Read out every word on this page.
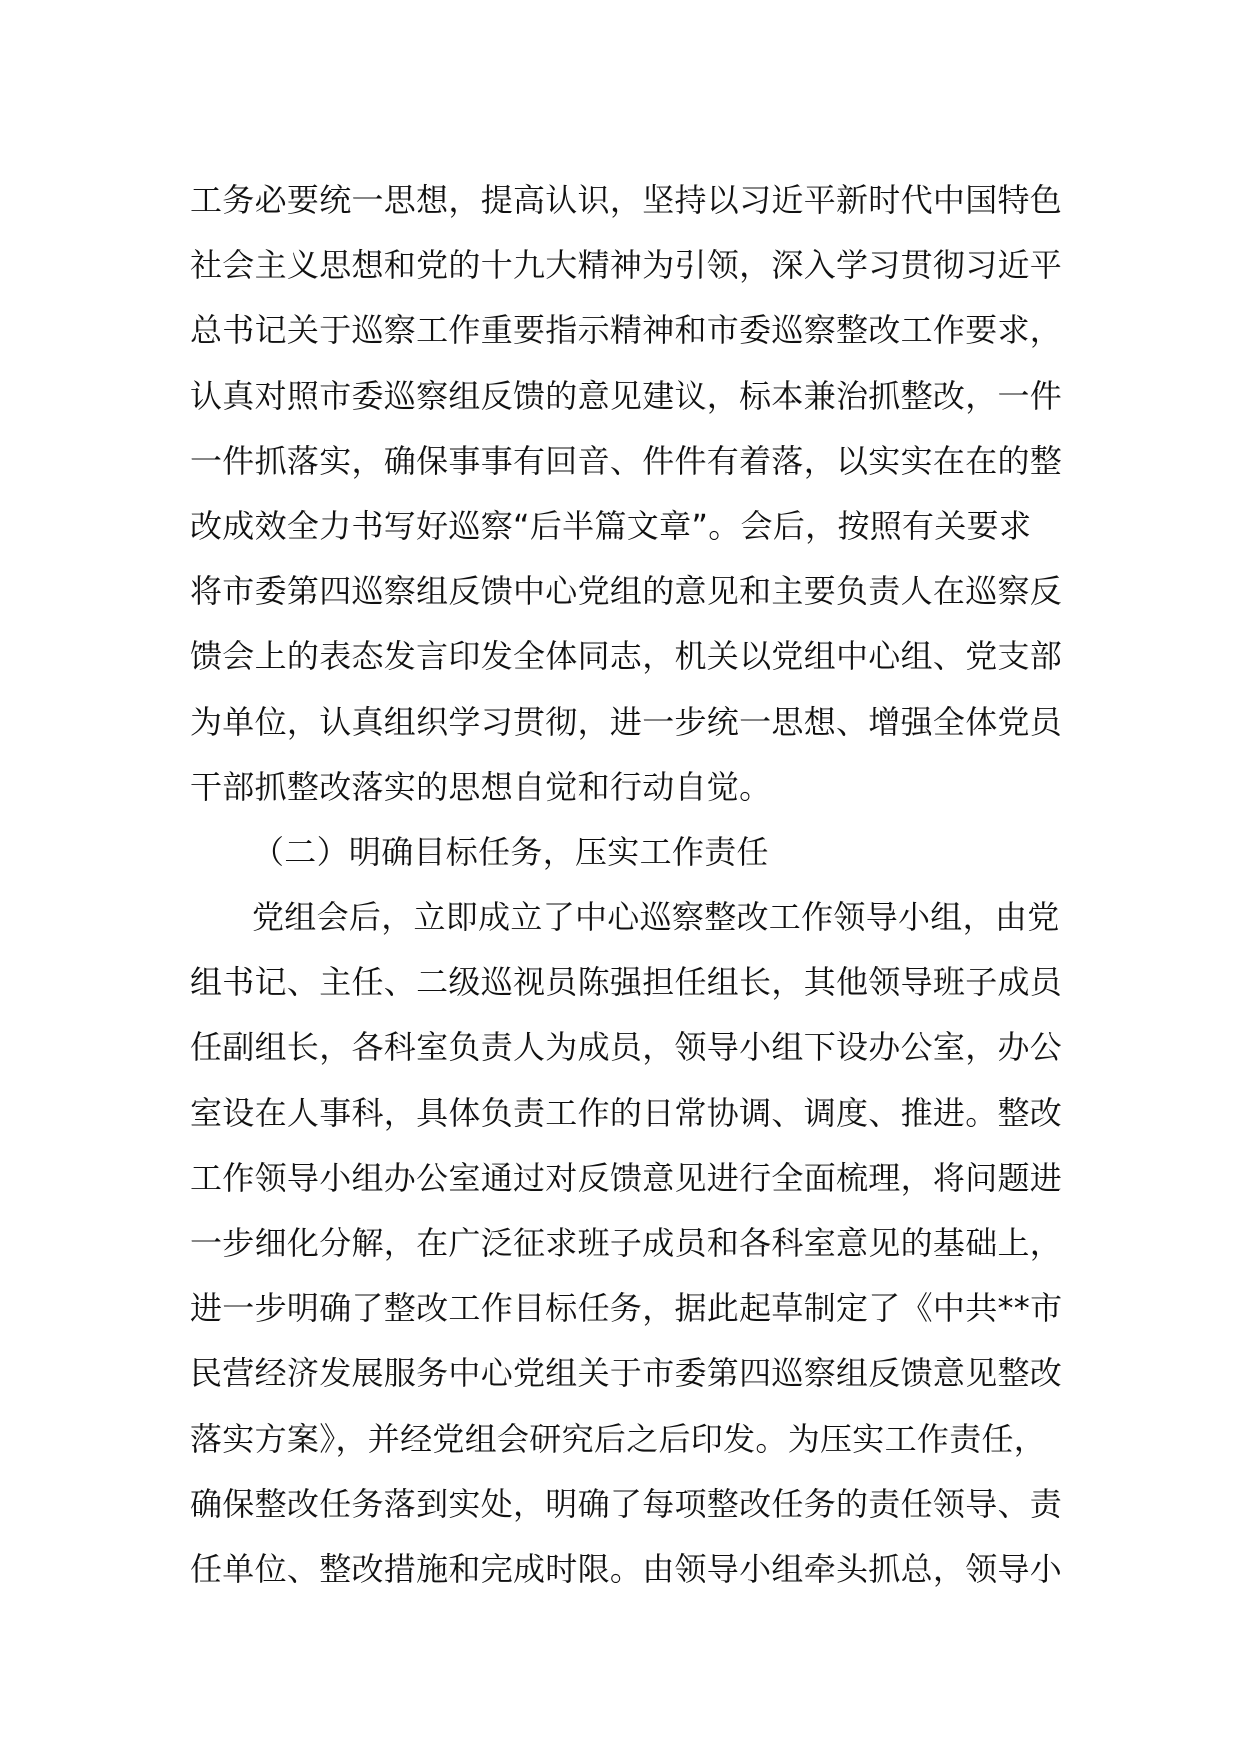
工务必要统一思想，提高认识，坚持以习近平新时代中国特色
社会主义思想和党的十九大精神为引领，深入学习贯彻习近平
总书记关于巡察工作重要指示精神和市委巡察整改工作要求，
认真对照市委巡察组反馈的意见建议，标本兼治抓整改，一件
一件抓落实，确保事事有回音、件件有着落，以实实在在的整
改成效全力书写好巡察“后半篇文章”。会后，按照有关要求
将市委第四巡察组反馈中心党组的意见和主要负责人在巡察反
馈会上的表态发言印发全体同志，机关以党组中心组、党支部
为单位，认真组织学习贯彻，进一步统一思想、增强全体党员
干部抓整改落实的思想自觉和行动自觉。
（二）明确目标任务，压实工作责任
党组会后，立即成立了中心巡察整改工作领导小组，由党
组书记、主任、二级巡视员陈强担任组长，其他领导班子成员
任副组长，各科室负责人为成员，领导小组下设办公室，办公
室设在人事科，具体负责工作的日常协调、调度、推进。整改
工作领导小组办公室通过对反馈意见进行全面梳理，将问题进
一步细化分解，在广泛征求班子成员和各科室意见的基础上，
进一步明确了整改工作目标任务，据此起草制定了《中共**市
民营经济发展服务中心党组关于市委第四巡察组反馈意见整改
落实方案》，并经党组会研究后之后印发。为压实工作责任，
确保整改任务落到实处，明确了每项整改任务的责任领导、责
任单位、整改措施和完成时限。由领导小组牵头抓总，领导小
